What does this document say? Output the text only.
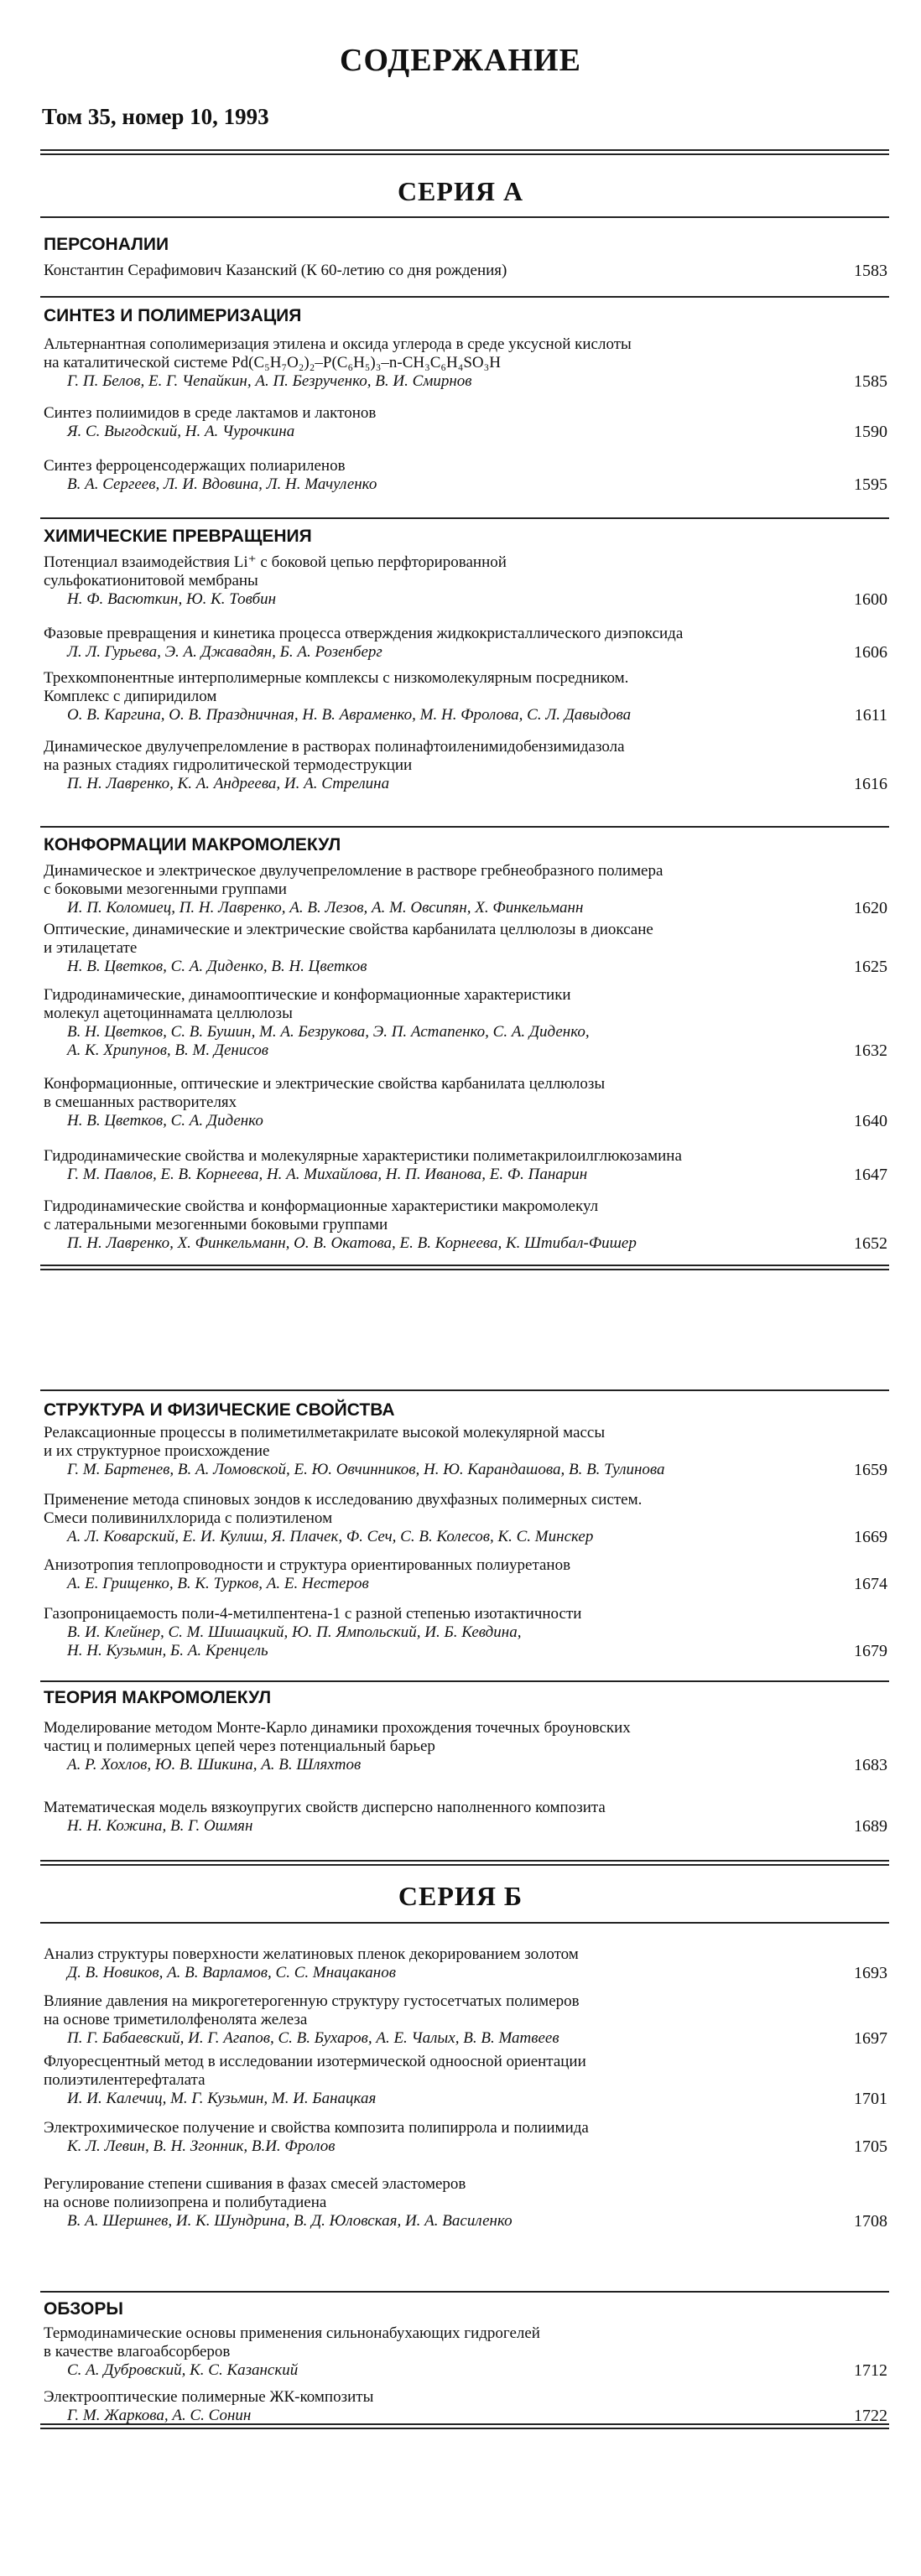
СОДЕРЖАНИЕ
Том 35, номер 10, 1993
СЕРИЯ А
ПЕРСОНАЛИИ
СИНТЕЗ И ПОЛИМЕРИЗАЦИЯ
ХИМИЧЕСКИЕ ПРЕВРАЩЕНИЯ
КОНФОРМАЦИИ МАКРОМОЛЕКУЛ
СТРУКТУРА И ФИЗИЧЕСКИЕ СВОЙСТВА
ТЕОРИЯ МАКРОМОЛЕКУЛ
СЕРИЯ Б
ОБЗОРЫ
Константин Серафимович Казанский (К 60-летию со дня рождения)	1583
Альтернантная сополимеризация этилена и оксида углерода в среде уксусной кислоты
на каталитической системе Pd(C₅H₇O₂)₂–P(C₆H₅)₃–n-CH₃C₆H₄SO₃H
Г. П. Белов, Е. Г. Чепайкин, А. П. Безрученко, В. И. Смирнов	1585
Синтез полиимидов в среде лактамов и лактонов
Я. С. Выгодский, Н. А. Чурочкина	1590
Синтез ферроценсодержащих полиариленов
В. А. Сергеев, Л. И. Вдовина, Л. Н. Мачуленко	1595
Потенциал взаимодействия Li⁺ с боковой цепью перфторированной
сульфокатионитовой мембраны
Н. Ф. Васюткин, Ю. К. Товбин	1600
Фазовые превращения и кинетика процесса отверждения жидкокристаллического диэпоксида
Л. Л. Гурьева, Э. А. Джавадян, Б. А. Розенберг	1606
Трехкомпонентные интерполимерные комплексы с низкомолекулярным посредником.
Комплекс с дипиридилом
О. В. Каргина, О. В. Праздничная, Н. В. Авраменко, М. Н. Фролова, С. Л. Давыдова	1611
Динамическое двулучепреломление в растворах полинафтоиленимидобензимидазола
на разных стадиях гидролитической термодеструкции
П. Н. Лавренко, К. А. Андреева, И. А. Стрелина	1616
Динамическое и электрическое двулучепреломление в растворе гребнеобразного полимера
с боковыми мезогенными группами
И. П. Коломиец, П. Н. Лавренко, А. В. Лезов, А. М. Овсипян, Х. Финкельманн	1620
Оптические, динамические и электрические свойства карбанилата целлюлозы в диоксане
и этилацетате
Н. В. Цветков, С. А. Диденко, В. Н. Цветков	1625
Гидродинамические, динамооптические и конформационные характеристики
молекул ацетоциннамата целлюлозы
В. Н. Цветков, С. В. Бушин, М. А. Безрукова, Э. П. Астапенко, С. А. Диденко,
А. К. Хрипунов, В. М. Денисов	1632
Конформационные, оптические и электрические свойства карбанилата целлюлозы
в смешанных растворителях
Н. В. Цветков, С. А. Диденко	1640
Гидродинамические свойства и молекулярные характеристики полиметакрилоилглюкозамина
Г. М. Павлов, Е. В. Корнеева, Н. А. Михайлова, Н. П. Иванова, Е. Ф. Панарин	1647
Гидродинамические свойства и конформационные характеристики макромолекул
с латеральными мезогенными боковыми группами
П. Н. Лавренко, Х. Финкельманн, О. В. Окатова, Е. В. Корнеева, К. Штибал-Фишер	1652
Релаксационные процессы в полиметилметакрилате высокой молекулярной массы
и их структурное происхождение
Г. М. Бартенев, В. А. Ломовской, Е. Ю. Овчинников, Н. Ю. Карандашова, В. В. Тулинова	1659
Применение метода спиновых зондов к исследованию двухфазных полимерных систем.
Смеси поливинилхлорида с полиэтиленом
А. Л. Коварский, Е. И. Кулиш, Я. Плачек, Ф. Сеч, С. В. Колесов, К. С. Минскер	1669
Анизотропия теплопроводности и структура ориентированных полиуретанов
А. Е. Грищенко, В. К. Турков, А. Е. Нестеров	1674
Газопроницаемость поли-4-метилпентена-1 с разной степенью изотактичности
В. И. Клейнер, С. М. Шишацкий, Ю. П. Ямпольский, И. Б. Кевдина,
Н. Н. Кузьмин, Б. А. Кренцель	1679
Моделирование методом Монте-Карло динамики прохождения точечных броуновских
частиц и полимерных цепей через потенциальный барьер
А. Р. Хохлов, Ю. В. Шикина, А. В. Шляхтов	1683
Математическая модель вязкоупругих свойств дисперсно наполненного композита
Н. Н. Кожина, В. Г. Ошмян	1689
Анализ структуры поверхности желатиновых пленок декорированием золотом
Д. В. Новиков, А. В. Варламов, С. С. Мнацаканов	1693
Влияние давления на микрогетерогенную структуру густосетчатых полимеров
на основе триметилолфенолята железа
П. Г. Бабаевский, И. Г. Агапов, С. В. Бухаров, А. Е. Чалых, В. В. Матвеев	1697
Флуоресцентный метод в исследовании изотермической одноосной ориентации
полиэтилентерефталата
И. И. Калечиц, М. Г. Кузьмин, М. И. Банацкая	1701
Электрохимическое получение и свойства композита полипиррола и полиимида
К. Л. Левин, В. Н. Згонник, В.И. Фролов	1705
Регулирование степени сшивания в фазах смесей эластомеров
на основе полиизопрена и полибутадиена
В. А. Шершнев, И. К. Шундрина, В. Д. Юловская, И. А. Василенко	1708
Термодинамические основы применения сильнонабухающих гидрогелей
в качестве влагоабсорберов
С. А. Дубровский, К. С. Казанский	1712
Электрооптические полимерные ЖК-композиты
Г. М. Жаркова, А. С. Сонин	1722
